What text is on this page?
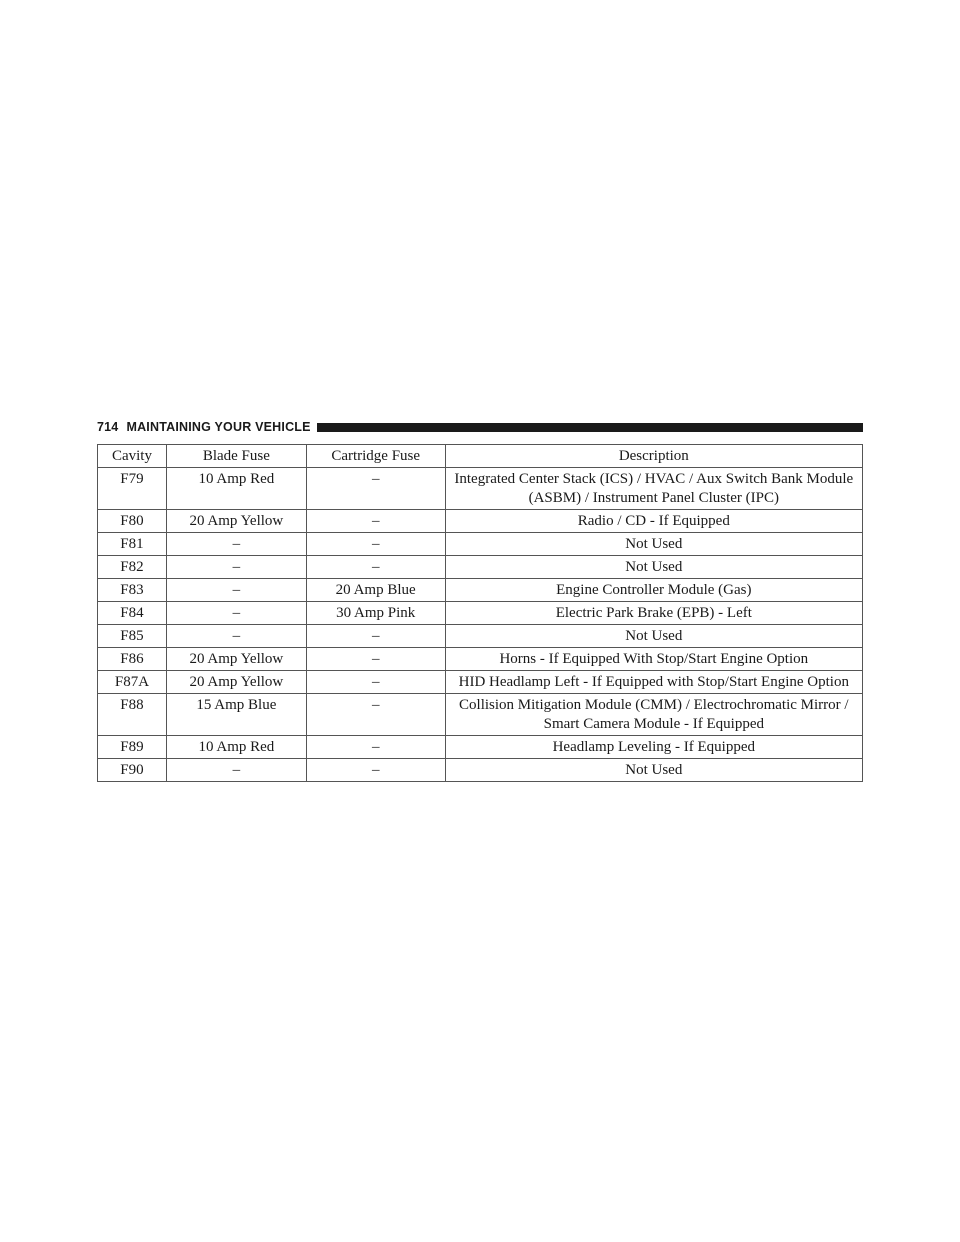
714 MAINTAINING YOUR VEHICLE
Cavity	Blade Fuse	Cartridge Fuse	Description
F79	10 Amp Red	–	Integrated Center Stack (ICS) / HVAC / Aux Switch Bank Module (ASBM) / Instrument Panel Cluster (IPC)
F80	20 Amp Yellow	–	Radio / CD - If Equipped
F81	–	–	Not Used
F82	–	–	Not Used
F83	–	20 Amp Blue	Engine Controller Module (Gas)
F84	–	30 Amp Pink	Electric Park Brake (EPB) - Left
F85	–	–	Not Used
F86	20 Amp Yellow	–	Horns - If Equipped With Stop/Start Engine Option
F87A	20 Amp Yellow	–	HID Headlamp Left - If Equipped with Stop/Start Engine Option
F88	15 Amp Blue	–	Collision Mitigation Module (CMM) / Electrochromatic Mirror / Smart Camera Module - If Equipped
F89	10 Amp Red	–	Headlamp Leveling - If Equipped
F90	–	–	Not Used
